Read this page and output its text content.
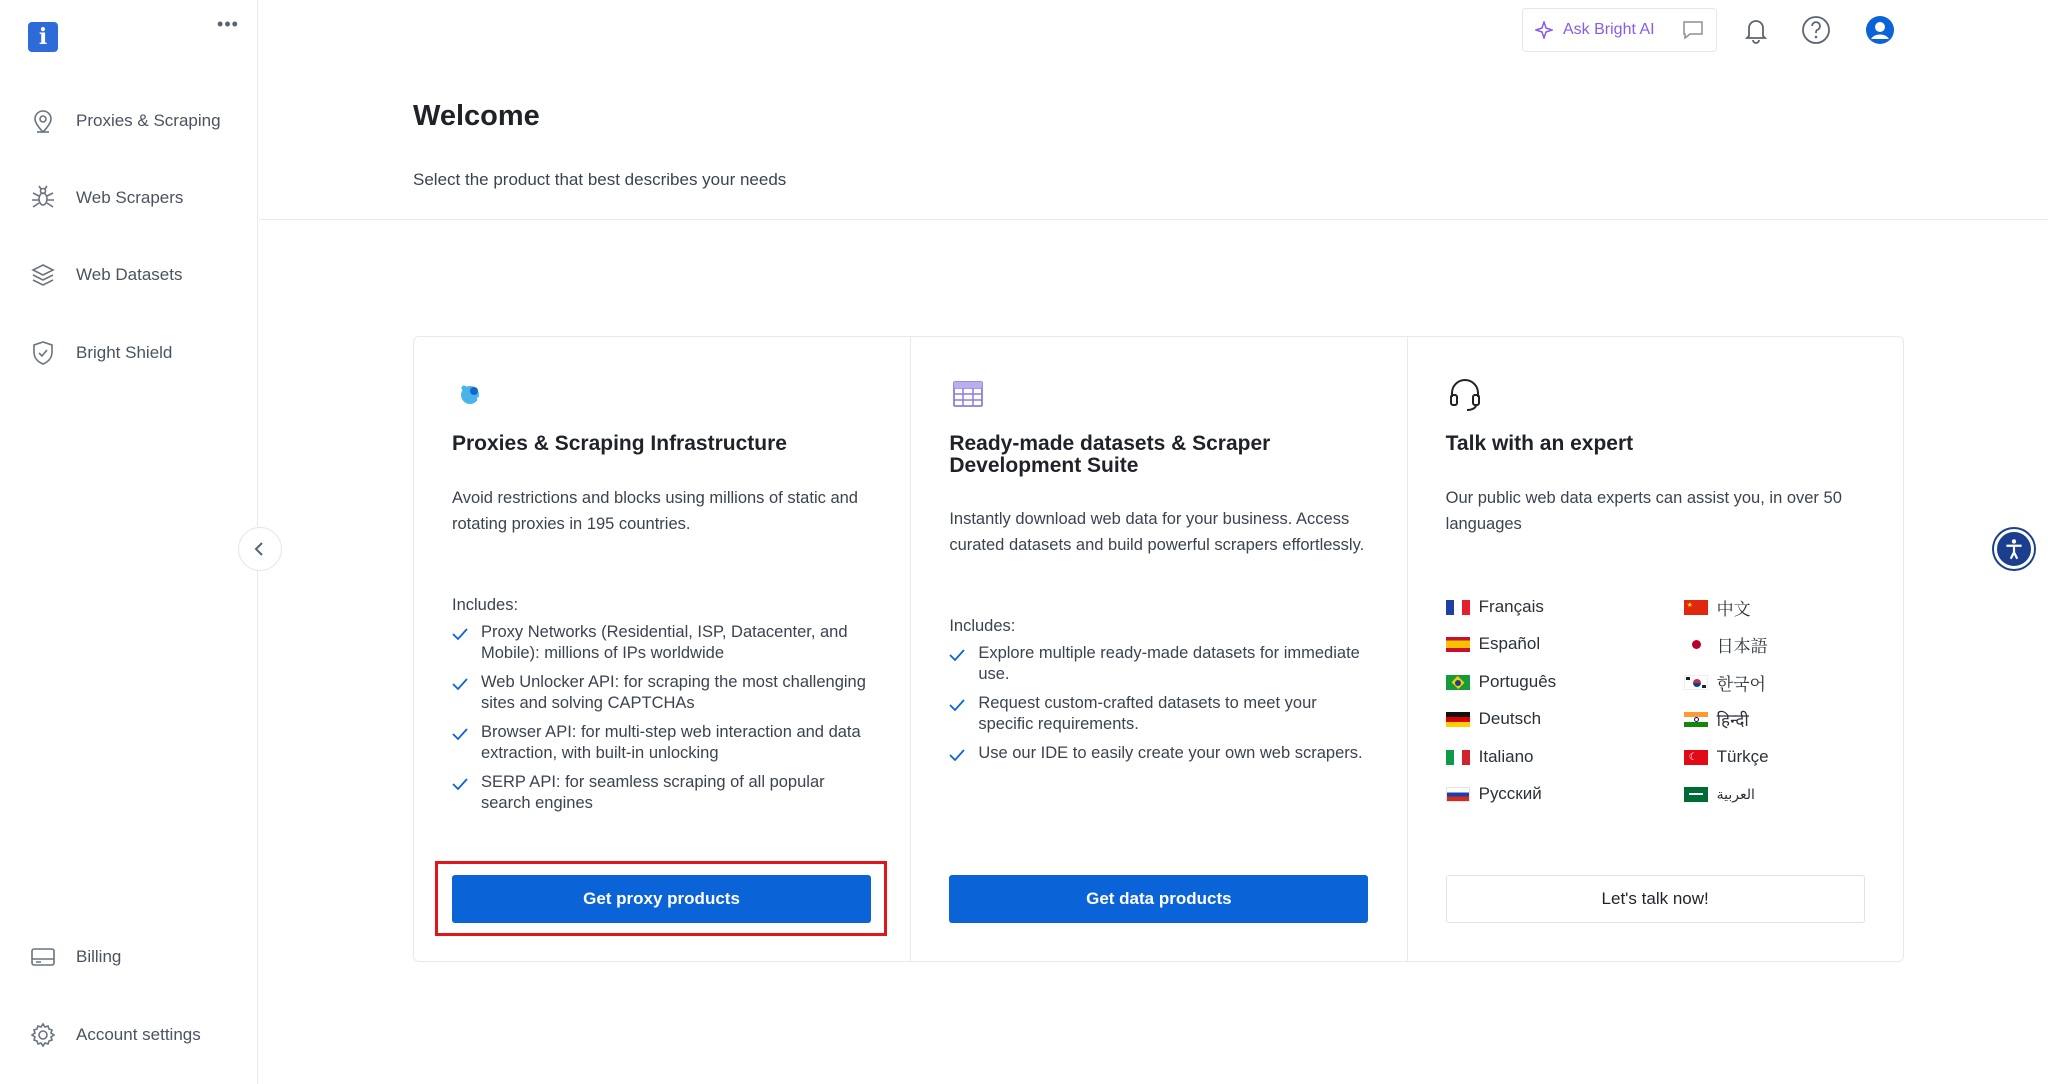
i	•••
Proxies & Scraping
Web Scrapers
Web Datasets
Bright Shield
Billing
Account settings
Ask Bright AI
Welcome

Select the product that best describes your needs

Proxies & Scraping Infrastructure

Avoid restrictions and blocks using millions of static and rotating proxies in 195 countries.

Includes:
Proxy Networks (Residential, ISP, Datacenter, and Mobile): millions of IPs worldwide
Web Unlocker API: for scraping the most challenging sites and solving CAPTCHAs
Browser API: for multi-step web interaction and data extraction, with built-in unlocking
SERP API: for seamless scraping of all popular search engines
Get proxy products
Ready-made datasets & Scraper Development Suite

Instantly download web data for your business. Access curated datasets and build powerful scrapers effortlessly.

Includes:
Explore multiple ready-made datasets for immediate use.
Request custom-crafted datasets to meet your specific requirements.
Use our IDE to easily create your own web scrapers.
Get data products
Talk with an expert

Our public web data experts can assist you, in over 50 languages

Français
Español
Português
Deutsch
Italiano
Русский
★ 中文
日本語
한국어
हिन्दी
☾ Türkçe
العربية
Let's talk now!
